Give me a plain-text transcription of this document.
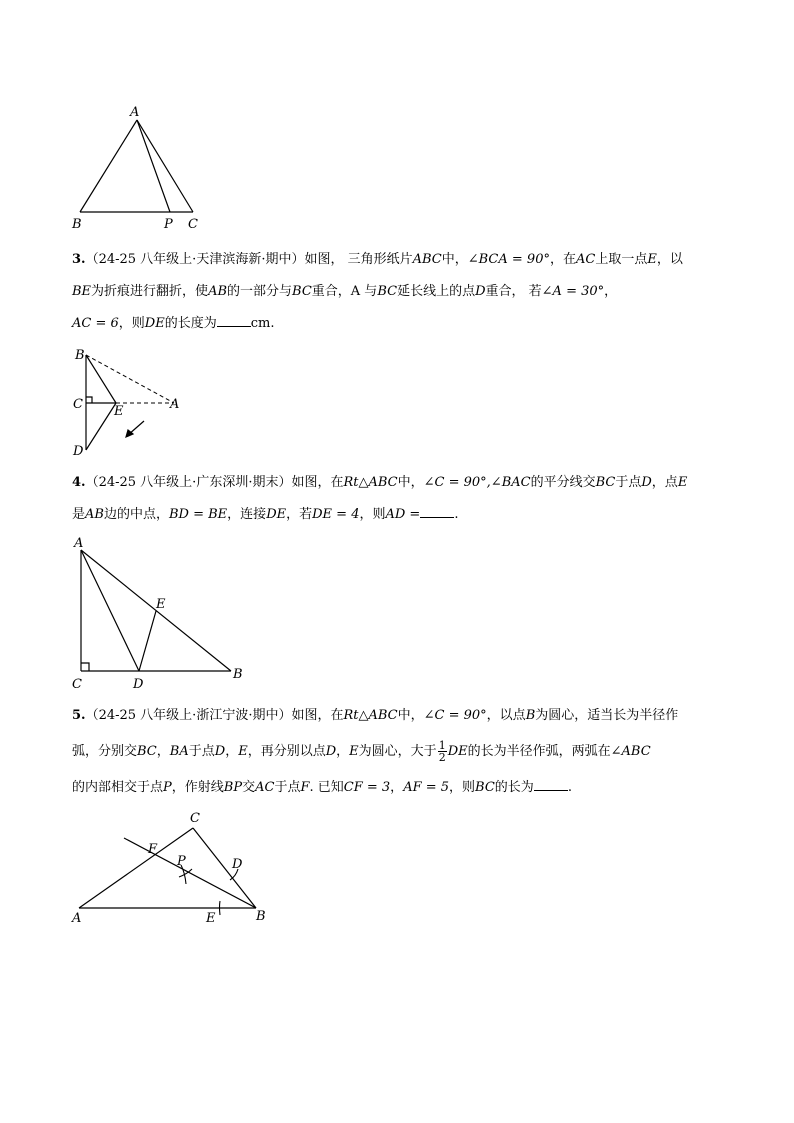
A
B	P C
3.（24-25 八年级上·天津滨海新·期中）如图， 三角形纸片ABC中，∠BCA = 90°，在AC上取一点E，以
BE为折痕进行翻折，使AB的一部分与BC重合，A 与BC延长线上的点D重合， 若∠A = 30°，
AC = 6，则DE的长度为	cm.
B
C E	A
D
4.（24-25 八年级上·广东深圳·期末）如图，在Rt△ABC中，∠C = 90°,∠BAC的平分线交BC于点D，点E
是AB边的中点，BD = BE，连接DE，若DE = 4，则AD =	.
A
E
C	D
B
5.（24-25 八年级上·浙江宁波·期中）如图，在Rt△ABC中，∠C = 90°，以点B为圆心，适当长为半径作
弧，分别交BC，BA于点D，E，再分别以点D，E为圆心，大于 $\frac{1}{2}$ DE的长为半径作弧，两弧在∠ABC
的内部相交于点P，作射线BP交AC于点F. 已知CF = 3，AF = 5，则BC的长为	.
C
F
P	D
A	E	B
